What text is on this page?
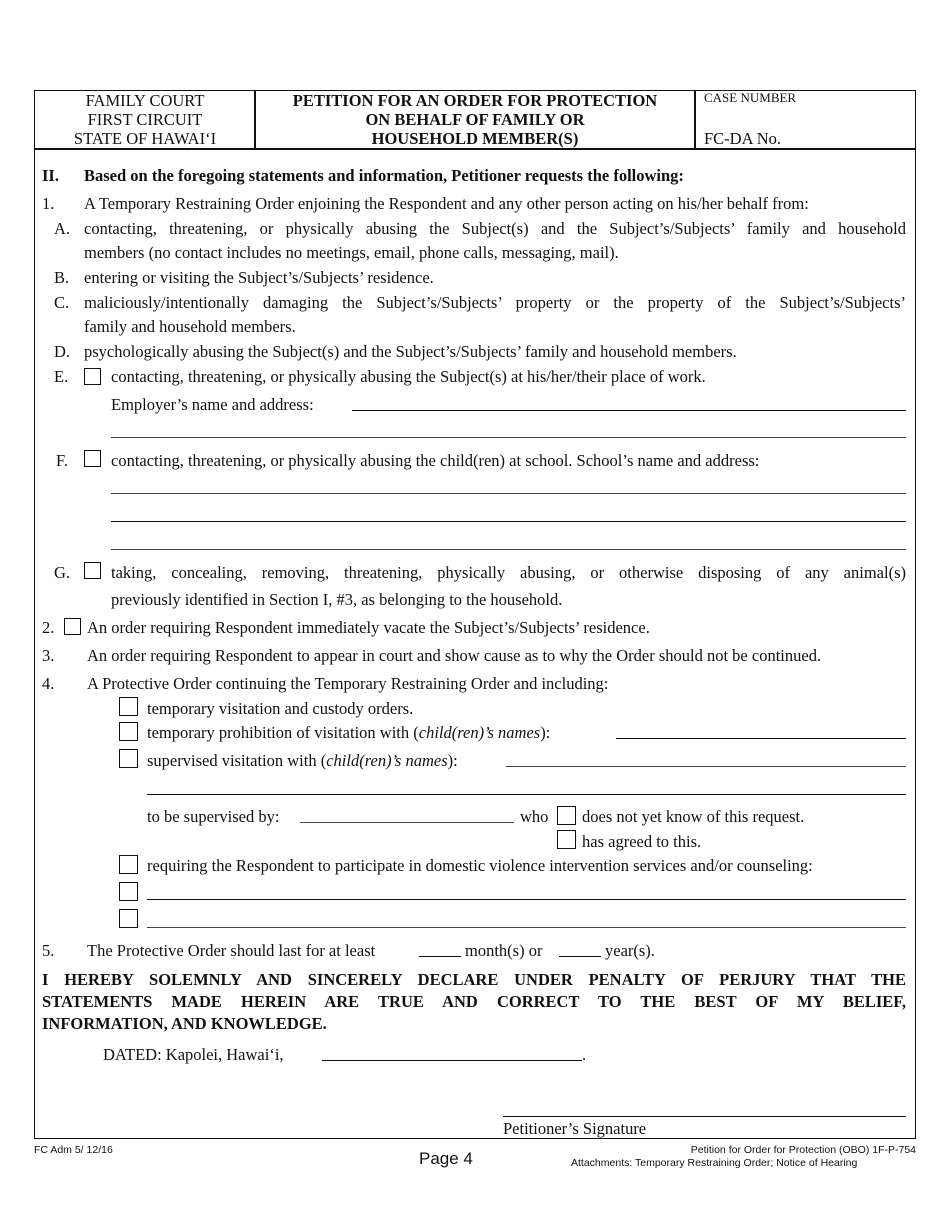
FAMILY COURT
FIRST CIRCUIT
STATE OF HAWAI‘I
PETITION FOR AN ORDER FOR PROTECTION
ON BEHALF OF FAMILY OR
HOUSEHOLD MEMBER(S)
CASE NUMBER
FC-DA No.
II. Based on the foregoing statements and information, Petitioner requests the following:
1. A Temporary Restraining Order enjoining the Respondent and any other person acting on his/her behalf from:
A. contacting, threatening, or physically abusing the Subject(s) and the Subject’s/Subjects’ family and household
members (no contact includes no meetings, email, phone calls, messaging, mail).
B. entering or visiting the Subject’s/Subjects’ residence.
C. maliciously/intentionally damaging the Subject’s/Subjects’ property or the property of the Subject’s/Subjects’
family and household members.
D. psychologically abusing the Subject(s) and the Subject’s/Subjects’ family and household members.
E.	contacting, threatening, or physically abusing the Subject(s) at his/her/their place of work.
Employer’s name and address:
F.	contacting, threatening, or physically abusing the child(ren) at school. School’s name and address:
G. taking, concealing, removing, threatening, physically abusing, or otherwise disposing of any animal(s)
previously identified in Section I, #3, as belonging to the household.
2. An order requiring Respondent immediately vacate the Subject’s/Subjects’ residence.
3. An order requiring Respondent to appear in court and show cause as to why the Order should not be continued.
4. A Protective Order continuing the Temporary Restraining Order and including:
temporary visitation and custody orders.
temporary prohibition of visitation with (child(ren)’s names):
supervised visitation with (child(ren)’s names):
to be supervised by:	who does not yet know of this request.
has agreed to this.
requiring the Respondent to participate in domestic violence intervention services and/or counseling:
5. The Protective Order should last for at least	month(s) or	year(s).
I HEREBY SOLEMNLY AND SINCERELY DECLARE UNDER PENALTY OF PERJURY THAT THE
STATEMENTS MADE HEREIN ARE TRUE AND CORRECT TO THE BEST OF MY BELIEF,
INFORMATION, AND KNOWLEDGE.
DATED: Kapolei, Hawai‘i,	.
Petitioner’s Signature
FC Adm 5/ 12/16	Page 4	Petition for Order for Protection (OBO) 1F-P-754
Attachments: Temporary Restraining Order; Notice of Hearing
